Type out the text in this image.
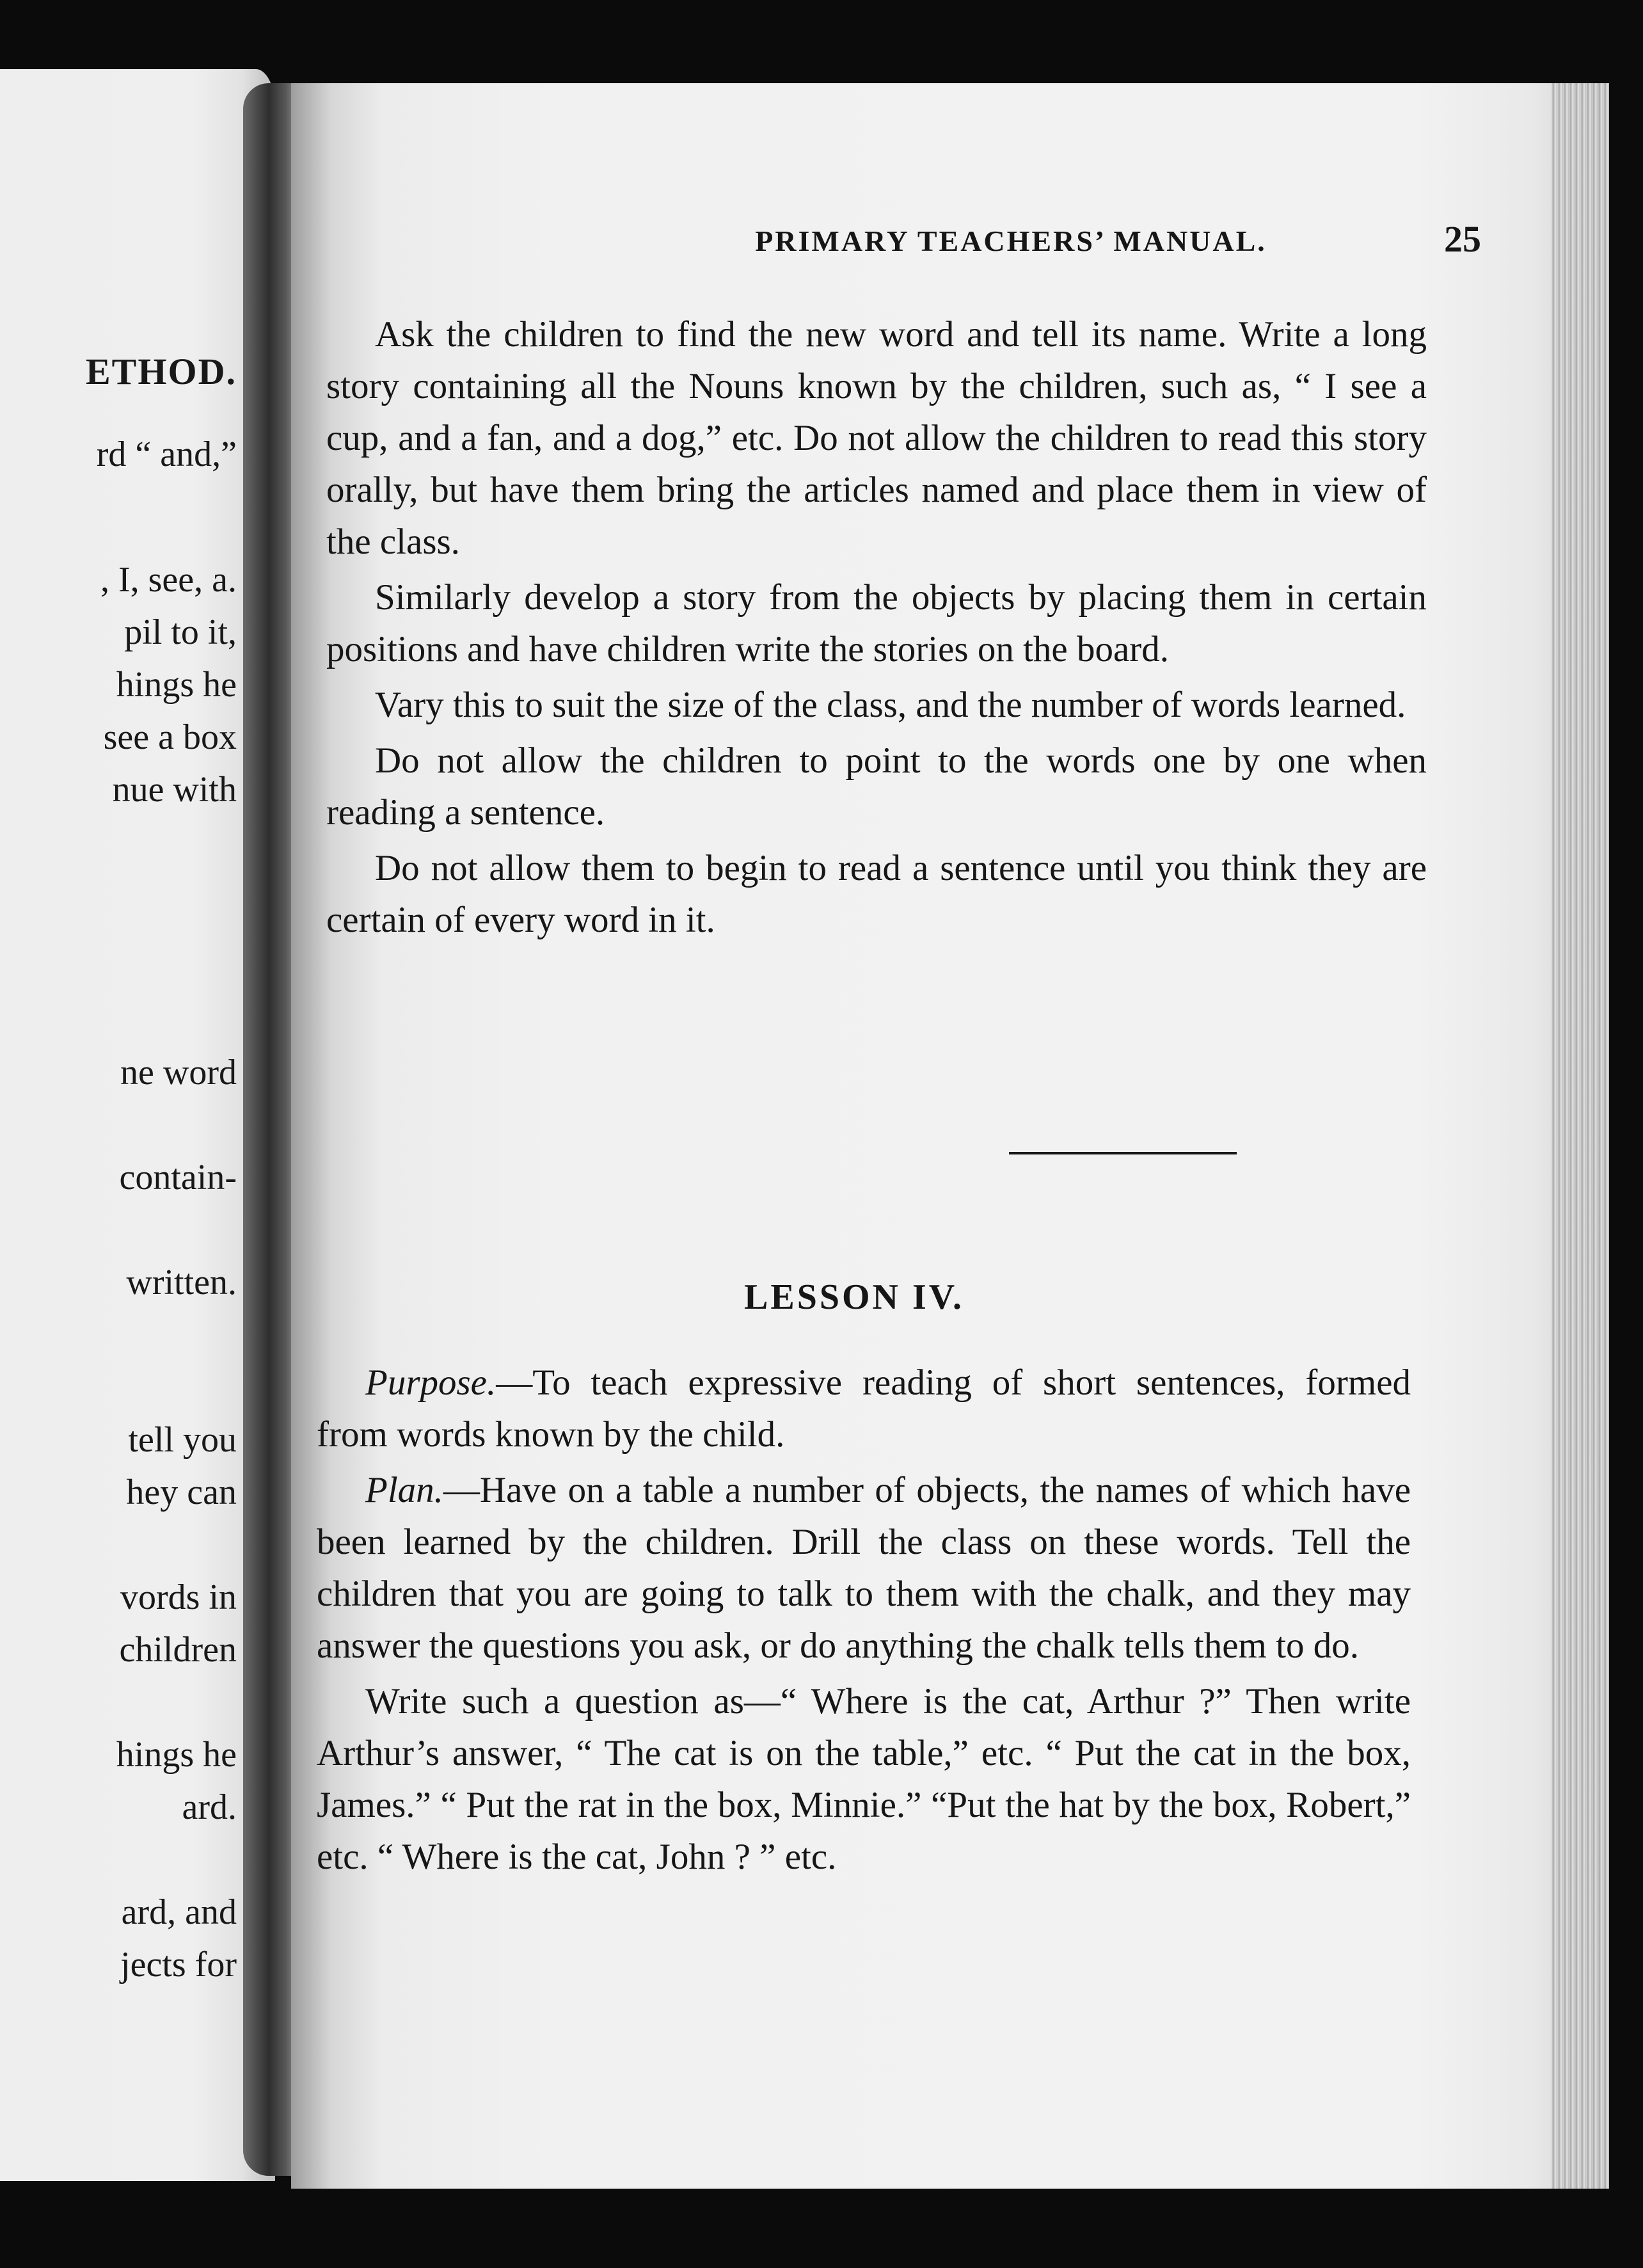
ETHOD.
rd “ and,”
, I, see, a.
pil to it,
hings he
see a box
nue with
ne word
contain-
written.
tell you
hey can
vords in
children
hings he
ard.
ard, and
jects for
PRIMARY TEACHERS’ MANUAL.	25

Ask the children to find the new word and tell its name. Write a long story containing all the Nouns known by the children, such as, “ I see a cup, and a fan, and a dog,” etc. Do not allow the children to read this story orally, but have them bring the articles named and place them in view of the class.

Similarly develop a story from the objects by placing them in certain positions and have children write the stories on the board.

Vary this to suit the size of the class, and the number of words learned.

Do not allow the children to point to the words one by one when reading a sentence.

Do not allow them to begin to read a sentence until you think they are certain of every word in it.

LESSON IV.

Purpose.—To teach expressive reading of short sentences, formed from words known by the child.

Plan.—Have on a table a number of objects, the names of which have been learned by the children. Drill the class on these words. Tell the children that you are going to talk to them with the chalk, and they may answer the questions you ask, or do anything the chalk tells them to do.

Write such a question as—“ Where is the cat, Arthur ?” Then write Arthur’s answer, “ The cat is on the table,” etc. “ Put the cat in the box, James.” “ Put the rat in the box, Minnie.” “Put the hat by the box, Robert,” etc. “ Where is the cat, John ? ” etc.
